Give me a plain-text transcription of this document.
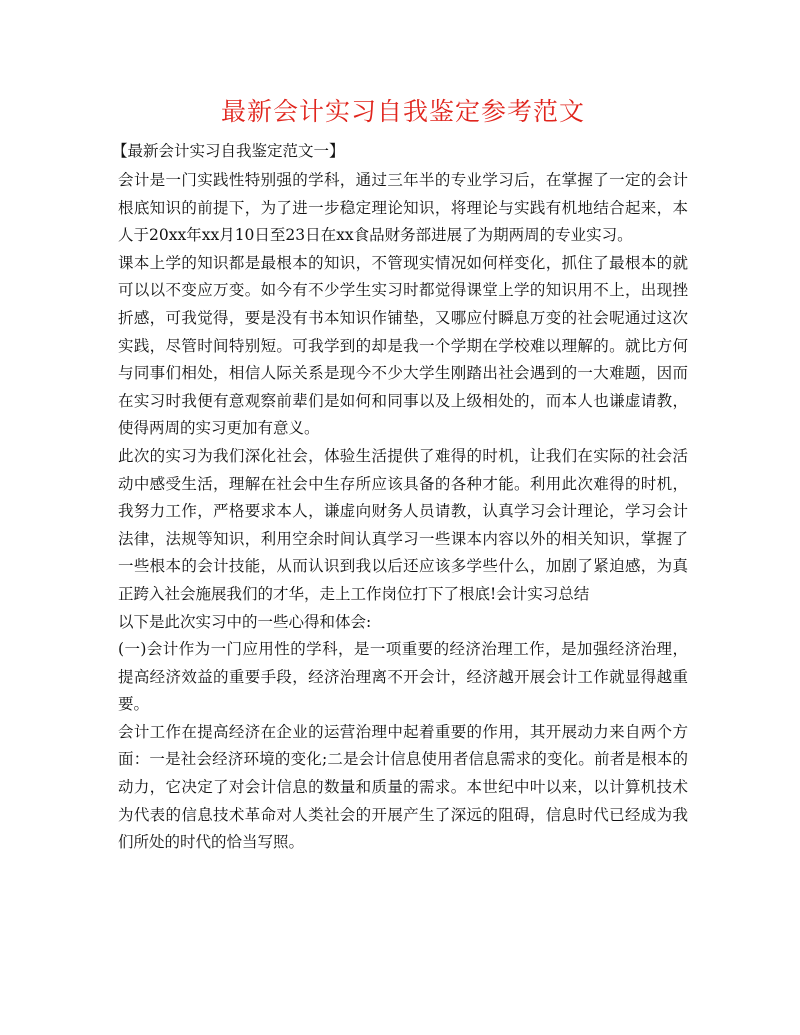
最新会计实习自我鉴定参考范文
【最新会计实习自我鉴定范文一】

会计是一门实践性特别强的学科，通过三年半的专业学习后，在掌握了一定的会计根底知识的前提下，为了进一步稳定理论知识，将理论与实践有机地结合起来，本人于20xx年xx月10日至23日在xx食品财务部进展了为期两周的专业实习。

课本上学的知识都是最根本的知识，不管现实情况如何样变化，抓住了最根本的就可以以不变应万变。如今有不少学生实习时都觉得课堂上学的知识用不上，出现挫折感，可我觉得，要是没有书本知识作铺垫，又哪应付瞬息万变的社会呢通过这次实践，尽管时间特别短。可我学到的却是我一个学期在学校难以理解的。就比方何与同事们相处，相信人际关系是现今不少大学生刚踏出社会遇到的一大难题，因而在实习时我便有意观察前辈们是如何和同事以及上级相处的，而本人也谦虚请教，使得两周的实习更加有意义。

此次的实习为我们深化社会，体验生活提供了难得的时机，让我们在实际的社会活动中感受生活，理解在社会中生存所应该具备的各种才能。利用此次难得的时机，我努力工作，严格要求本人，谦虚向财务人员请教，认真学习会计理论，学习会计法律，法规等知识，利用空余时间认真学习一些课本内容以外的相关知识，掌握了一些根本的会计技能，从而认识到我以后还应该多学些什么，加剧了紧迫感，为真正跨入社会施展我们的才华，走上工作岗位打下了根底!会计实习总结

以下是此次实习中的一些心得和体会:

(一)会计作为一门应用性的学科，是一项重要的经济治理工作，是加强经济治理，提高经济效益的重要手段，经济治理离不开会计，经济越开展会计工作就显得越重要。

会计工作在提高经济在企业的运营治理中起着重要的作用，其开展动力来自两个方面：一是社会经济环境的变化;二是会计信息使用者信息需求的变化。前者是根本的动力，它决定了对会计信息的数量和质量的需求。本世纪中叶以来，以计算机技术为代表的信息技术革命对人类社会的开展产生了深远的阻碍，信息时代已经成为我们所处的时代的恰当写照。
